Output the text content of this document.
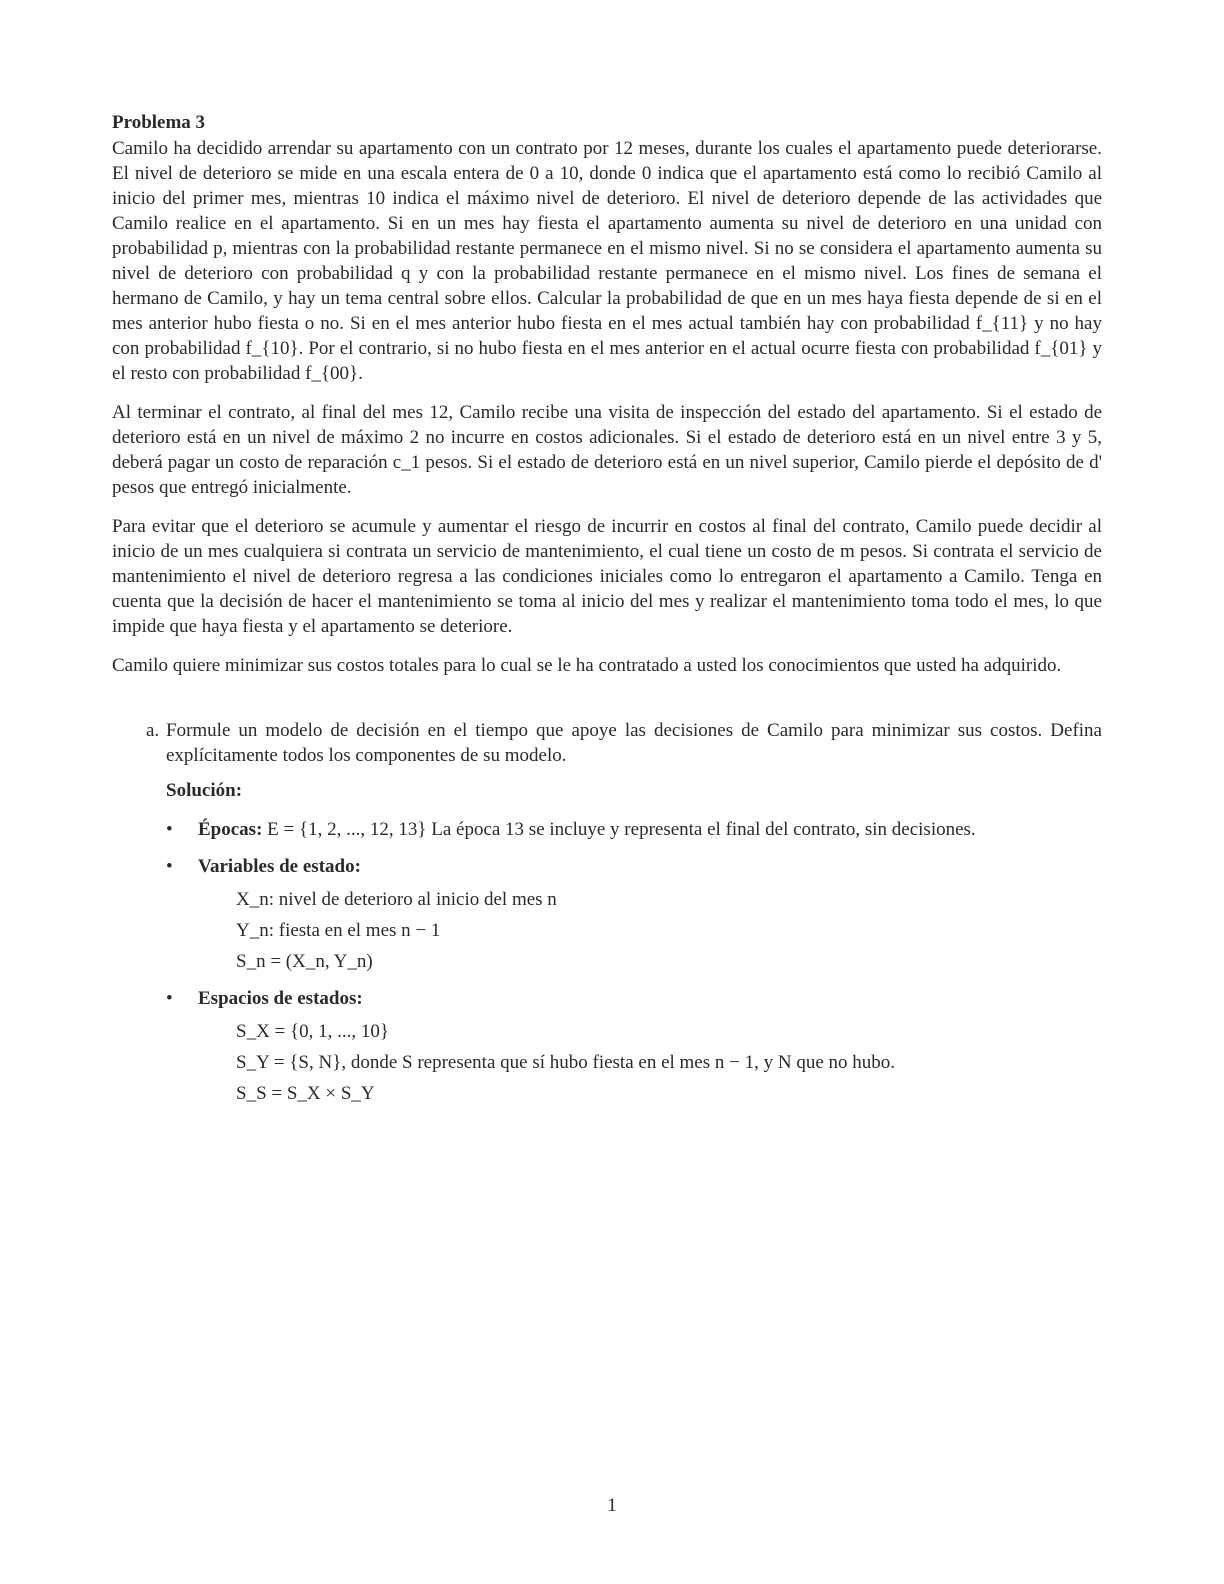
Problema 3

Camilo ha decidido arrendar su apartamento con un contrato por 12 meses, durante los cuales el apartamento puede deteriorarse. El nivel de deterioro se mide en una escala entera de 0 a 10, donde 0 indica que el apartamento está como lo recibió Camilo al inicio del primer mes, mientras 10 indica el máximo nivel de deterioro. El nivel de deterioro depende de las actividades que Camilo realice en el apartamento. Si en un mes hay fiesta el apartamento aumenta su nivel de deterioro en una unidad con probabilidad p, mientras con la probabilidad restante permanece en el mismo nivel. Si no se considera el apartamento aumenta su nivel de deterioro con probabilidad q y con la probabilidad restante permanece en el mismo nivel. Los fines de semana el hermano de Camilo, y hay un tema central sobre ellos. Calcular la probabilidad de que en un mes haya fiesta depende de si en el mes anterior hubo fiesta o no. Si en el mes anterior hubo fiesta en el mes actual también hay con probabilidad f_{11} y no hay con probabilidad f_{10}. Por el contrario, si no hubo fiesta en el mes anterior en el actual ocurre fiesta con probabilidad f_{01} y el resto con probabilidad f_{00}.

Al terminar el contrato, al final del mes 12, Camilo recibe una visita de inspección del estado del apartamento. Si el estado de deterioro está en un nivel de máximo 2 no incurre en costos adicionales. Si el estado de deterioro está en un nivel entre 3 y 5, deberá pagar un costo de reparación c_1 pesos. Si el estado de deterioro está en un nivel superior, Camilo pierde el depósito de d' pesos que entregó inicialmente.

Para evitar que el deterioro se acumule y aumentar el riesgo de incurrir en costos al final del contrato, Camilo puede decidir al inicio de un mes cualquiera si contrata un servicio de mantenimiento, el cual tiene un costo de m pesos. Si contrata el servicio de mantenimiento el nivel de deterioro regresa a las condiciones iniciales como lo entregaron el apartamento a Camilo. Tenga en cuenta que la decisión de hacer el mantenimiento se toma al inicio del mes y realizar el mantenimiento toma todo el mes, lo que impide que haya fiesta y el apartamento se deteriore.

Camilo quiere minimizar sus costos totales para lo cual se le ha contratado a usted los conocimientos que usted ha adquirido.

a. Formule un modelo de decisión en el tiempo que apoye las decisiones de Camilo para minimizar sus costos. Defina explícitamente todos los componentes de su modelo.
Solución:
• Épocas: E = {1, 2, ..., 12, 13} La época 13 se incluye y representa el final del contrato, sin decisiones.
• Variables de estado:
X_n: nivel de deterioro al inicio del mes n
Y_n: fiesta en el mes n − 1
S_n = (X_n, Y_n)
• Espacios de estados:
S_X = {0, 1, ..., 10}
S_Y = {S, N}, donde S representa que sí hubo fiesta en el mes n − 1, y N que no hubo.
S_S = S_X × S_Y
1
